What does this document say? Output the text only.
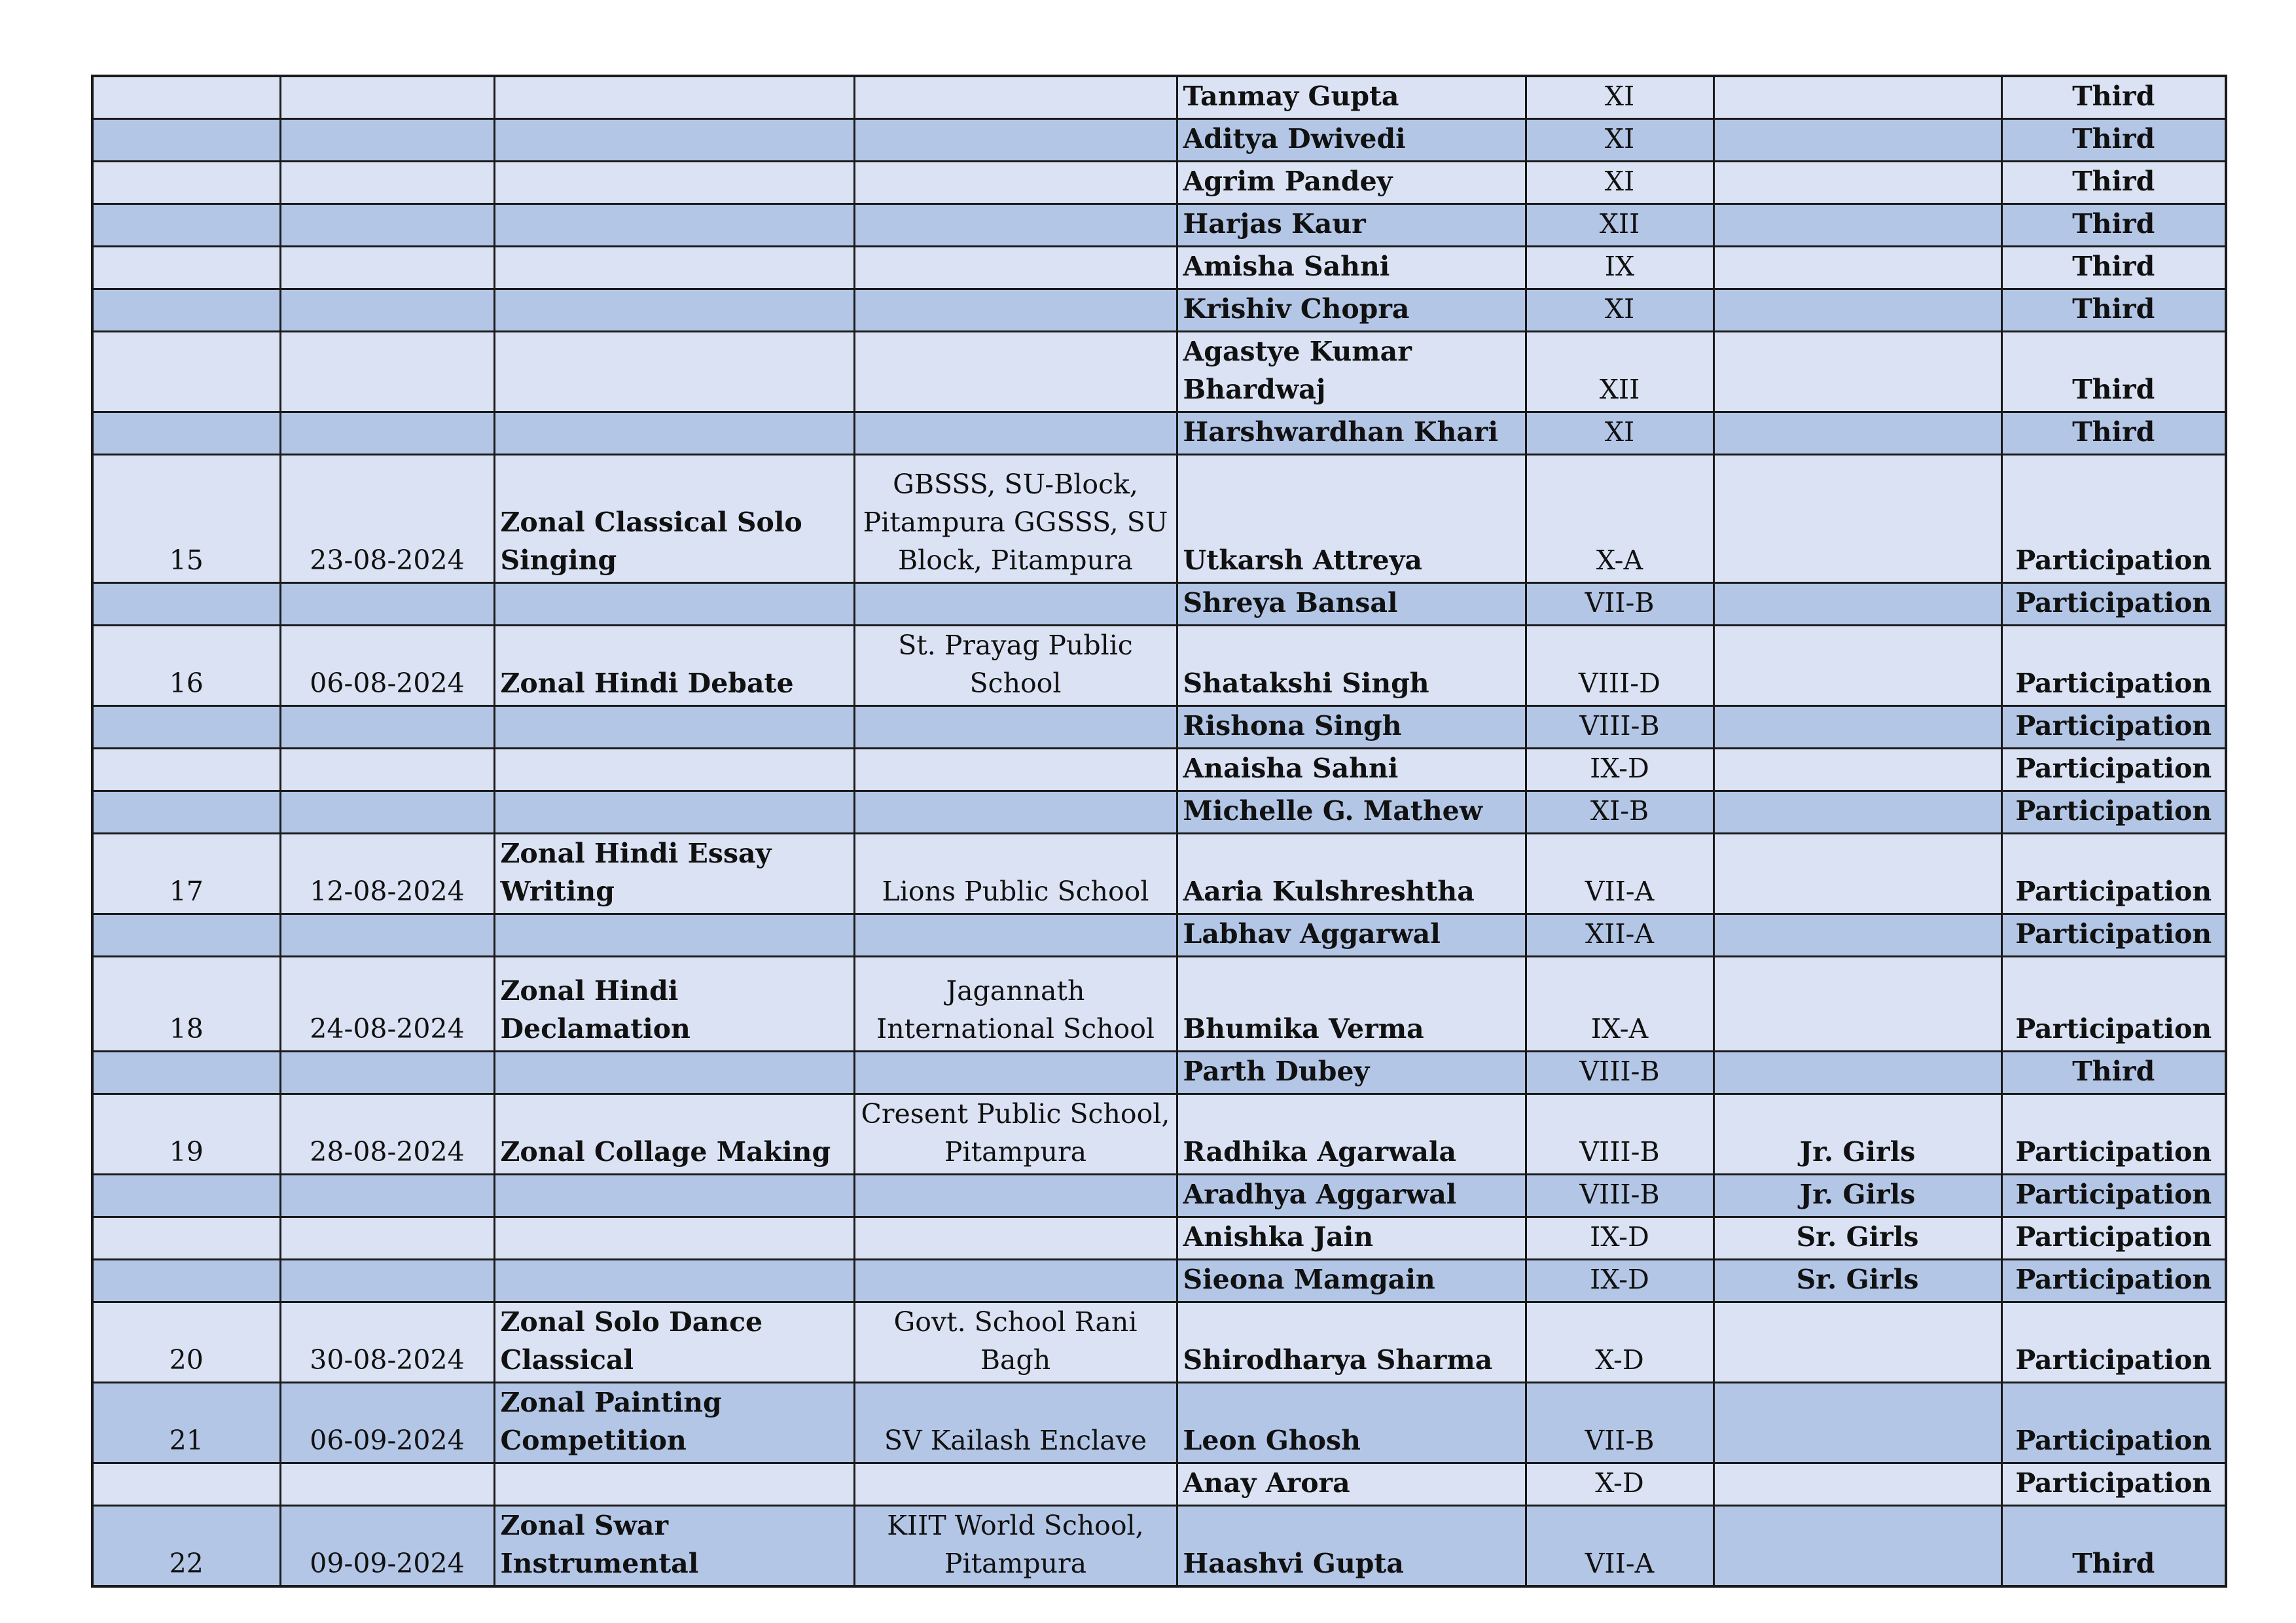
				Tanmay Gupta	XI		Third
				Aditya Dwivedi	XI		Third
				Agrim Pandey	XI		Third
				Harjas Kaur	XII		Third
				Amisha Sahni	IX		Third
				Krishiv Chopra	XI		Third
				Agastye Kumar Bhardwaj	XII		Third
				Harshwardhan Khari	XI		Third
15	23-08-2024	Zonal Classical Solo Singing	GBSSS, SU-Block, Pitampura GGSSS, SU Block, Pitampura	Utkarsh Attreya	X-A		Participation
				Shreya Bansal	VII-B		Participation
16	06-08-2024	Zonal Hindi Debate	St. Prayag Public School	Shatakshi Singh	VIII-D		Participation
				Rishona Singh	VIII-B		Participation
				Anaisha Sahni	IX-D		Participation
				Michelle G. Mathew	XI-B		Participation
17	12-08-2024	Zonal Hindi Essay Writing	Lions Public School	Aaria Kulshreshtha	VII-A		Participation
				Labhav Aggarwal	XII-A		Participation
18	24-08-2024	Zonal Hindi Declamation	Jagannath International School	Bhumika Verma	IX-A		Participation
				Parth Dubey	VIII-B		Third
19	28-08-2024	Zonal Collage Making	Cresent Public School, Pitampura	Radhika Agarwala	VIII-B	Jr. Girls	Participation
				Aradhya Aggarwal	VIII-B	Jr. Girls	Participation
				Anishka Jain	IX-D	Sr. Girls	Participation
				Sieona Mamgain	IX-D	Sr. Girls	Participation
20	30-08-2024	Zonal Solo Dance Classical	Govt. School Rani Bagh	Shirodharya Sharma	X-D		Participation
21	06-09-2024	Zonal Painting Competition	SV Kailash Enclave	Leon Ghosh	VII-B		Participation
				Anay Arora	X-D		Participation
22	09-09-2024	Zonal Swar Instrumental	KIIT World School, Pitampura	Haashvi Gupta	VII-A		Third
